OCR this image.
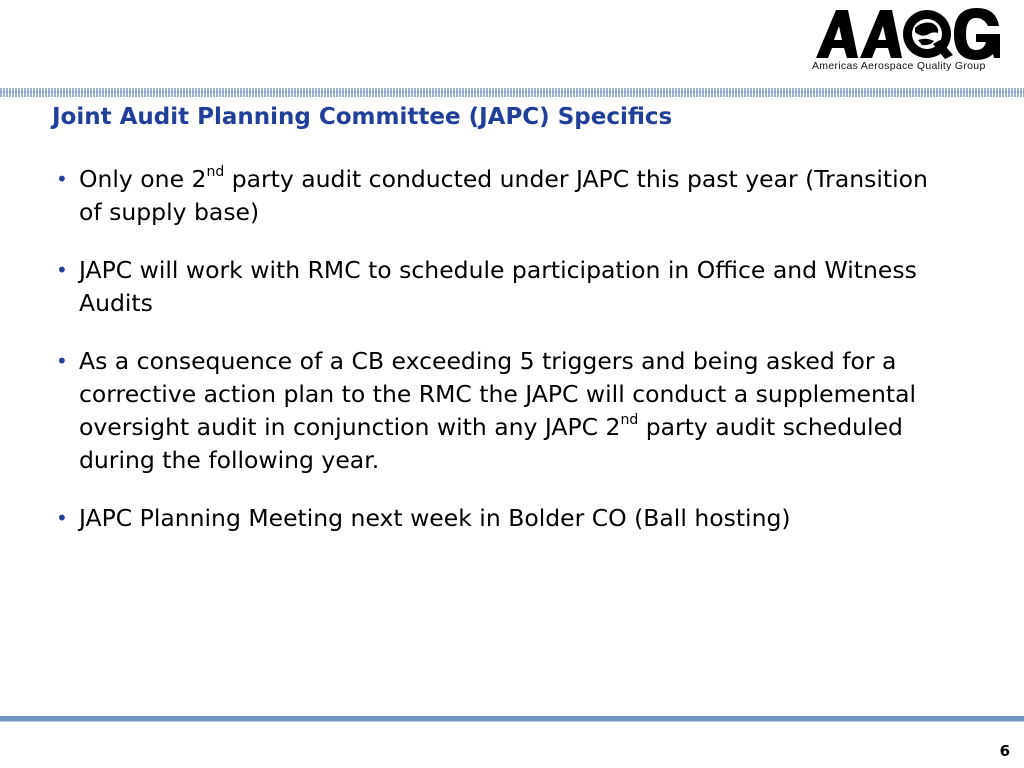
Americas Aerospace Quality Group
Joint Audit Planning Committee (JAPC) Specifics
• Only one 2nd party audit conducted under JAPC this past year (Transition of supply base)
• JAPC will work with RMC to schedule participation in Office and Witness Audits
• As a consequence of a CB exceeding 5 triggers and being asked for a corrective action plan to the RMC the JAPC will conduct a supplemental oversight audit in conjunction with any JAPC 2nd party audit scheduled during the following year.
• JAPC Planning Meeting next week in Bolder CO (Ball hosting)
6
